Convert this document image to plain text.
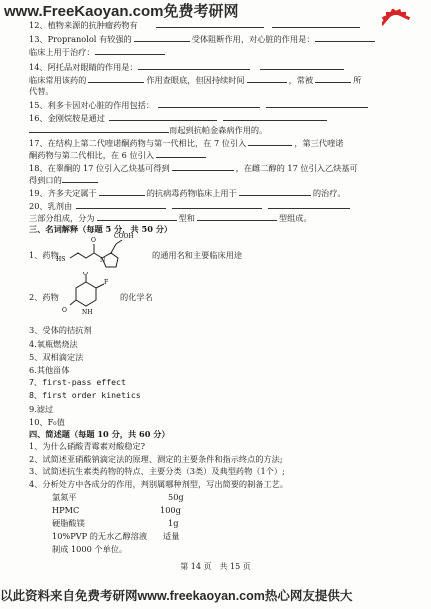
www.FreeKaoyan.com免费考研网
12、植物来源的抗肿瘤药物有
13、Propranolol 有较强的	受体阻断作用，对心脏的作用是：
临床上用于治疗：
14、阿托品对眼睛的作用是：
临床常用该药的	作用查眼底，但因持续时间	，常被	所
代替。
15、利多卡因对心脏的作用包括：
16、金刚烷胺是通过
而起到抗帕金森病作用的。
17、在结构上第二代喹诺酮药物与第一代相比，在 7 位引入	，第三代喹诺
酮药物与第二代相比，在 6 位引入
18、在睾酮的 17 位引入乙炔基可得到	，在雌二醇的 17 位引入乙炔基可
得到口的
19、齐多夫定属于	的抗病毒药物临床上用于	的治疗。
20、乳剂由
三部分组成，分为	型和	型组成。
三、名词解释（每题 5 分，共 50 分）
1、药物
HS
O
N
COOH
的通用名和主要临床用途
2、药物
O
F
NH
O
的化学名
3、受体的拮抗剂
4.氧瓶燃烧法
5、双相滴定法
6.其他甾体
7、first-pass effect
8、first order kinetics
9.滤过
10、F₀值
四、简述题（每题 10 分，共 60 分）
1、为什么硝酸青霉素对酸稳定?
2、试简述亚硝酸钠滴定法的原理、测定的主要条件和指示终点的方法;
3、试简述抗生素类药物的特点、主要分类（3类）及典型药物（1个）;
4、分析处方中各成分的作用，判别属哪种剂型，写出简要的制备工艺。
氯氮平	50g
HPMC	100g
硬脂酸镁	1g
10%PVP 的无水乙醇溶液 适量
制成 1000 个单位。
第 14 页　共 15 页
以此资料来自免费考研网www.freekaoyan.com热心网友提供大
